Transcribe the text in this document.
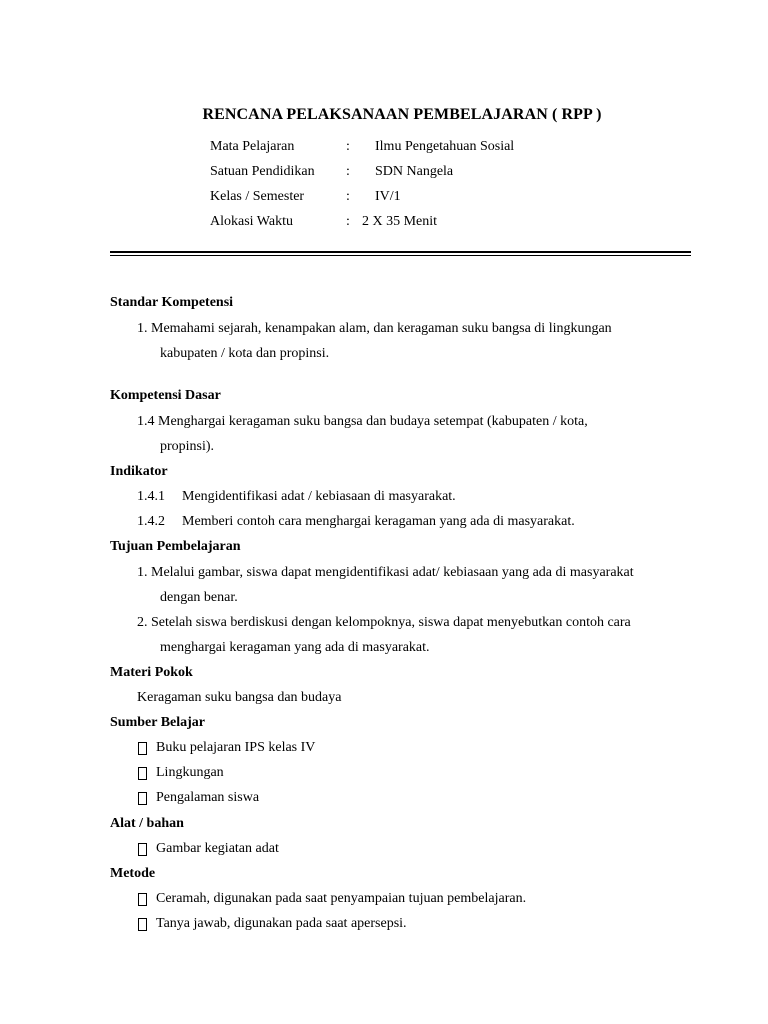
RENCANA PELAKSANAAN PEMBELAJARAN ( RPP )
Mata Pelajaran	: Ilmu Pengetahuan Sosial
Satuan Pendidikan : SDN Nangela
Kelas / Semester	: IV/1
Alokasi Waktu	: 2 X 35 Menit
Standar Kompetensi
1. Memahami sejarah, kenampakan alam, dan keragaman suku bangsa di lingkungan
kabupaten / kota dan propinsi.
Kompetensi Dasar
1.4 Menghargai keragaman suku bangsa dan budaya setempat (kabupaten / kota,
propinsi).
Indikator
1.4.1 Mengidentifikasi adat / kebiasaan di masyarakat.
1.4.2 Memberi contoh cara menghargai keragaman yang ada di masyarakat.
Tujuan Pembelajaran
1. Melalui gambar, siswa dapat mengidentifikasi adat/ kebiasaan yang ada di masyarakat
dengan benar.
2. Setelah siswa berdiskusi dengan kelompoknya, siswa dapat menyebutkan contoh cara
menghargai keragaman yang ada di masyarakat.
Materi Pokok
Keragaman suku bangsa dan budaya
Sumber Belajar
Buku pelajaran IPS kelas IV
Lingkungan
Pengalaman siswa
Alat / bahan
Gambar kegiatan adat
Metode
Ceramah, digunakan pada saat penyampaian tujuan pembelajaran.
Tanya jawab, digunakan pada saat apersepsi.
